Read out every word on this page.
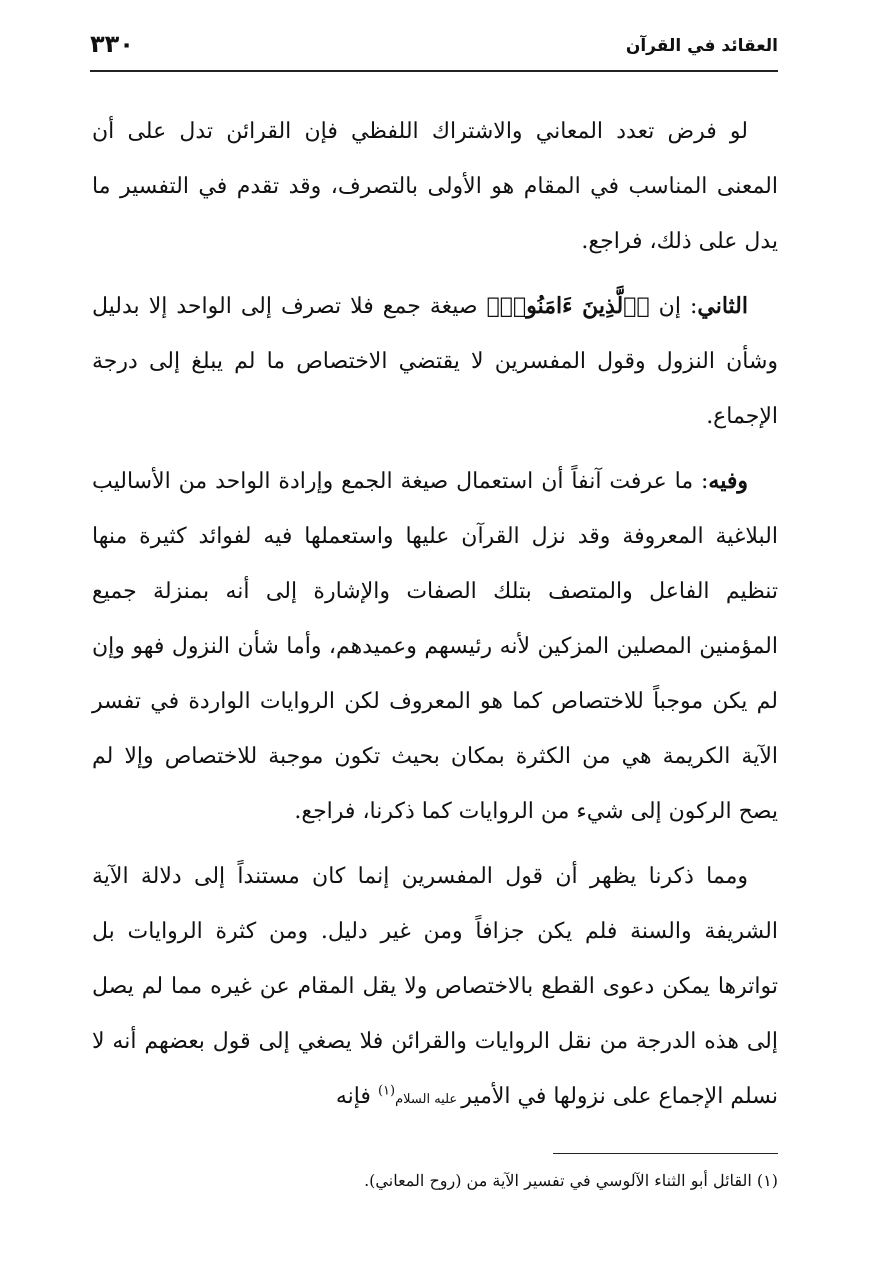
العقائد في القرآن
٣٣٠

لو فرض تعدد المعاني والاشتراك اللفظي فإن القرائن تدل على أن المعنى المناسب في المقام هو الأولى بالتصرف، وقد تقدم في التفسير ما يدل على ذلك، فراجع.

الثاني: إن ﴿ٱلَّذِينَ ءَامَنُوا۟﴾ صيغة جمع فلا تصرف إلى الواحد إلا بدليل وشأن النزول وقول المفسرين لا يقتضي الاختصاص ما لم يبلغ إلى درجة الإجماع.

وفيه: ما عرفت آنفاً أن استعمال صيغة الجمع وإرادة الواحد من الأساليب البلاغية المعروفة وقد نزل القرآن عليها واستعملها فيه لفوائد كثيرة منها تنظيم الفاعل والمتصف بتلك الصفات والإشارة إلى أنه بمنزلة جميع المؤمنين المصلين المزكين لأنه رئيسهم وعميدهم، وأما شأن النزول فهو وإن لم يكن موجباً للاختصاص كما هو المعروف لكن الروايات الواردة في تفسر الآية الكريمة هي من الكثرة بمكان بحيث تكون موجبة للاختصاص وإلا لم يصح الركون إلى شيء من الروايات كما ذكرنا، فراجع.

ومما ذكرنا يظهر أن قول المفسرين إنما كان مستنداً إلى دلالة الآية الشريفة والسنة فلم يكن جزافاً ومن غير دليل. ومن كثرة الروايات بل تواترها يمكن دعوى القطع بالاختصاص ولا يقل المقام عن غيره مما لم يصل إلى هذه الدرجة من نقل الروايات والقرائن فلا يصغي إلى قول بعضهم أنه لا نسلم الإجماع على نزولها في الأمير عليه السلام$^{(١)}$ فإنه

(١) القائل أبو الثناء الآلوسي في تفسير الآية من (روح المعاني).
